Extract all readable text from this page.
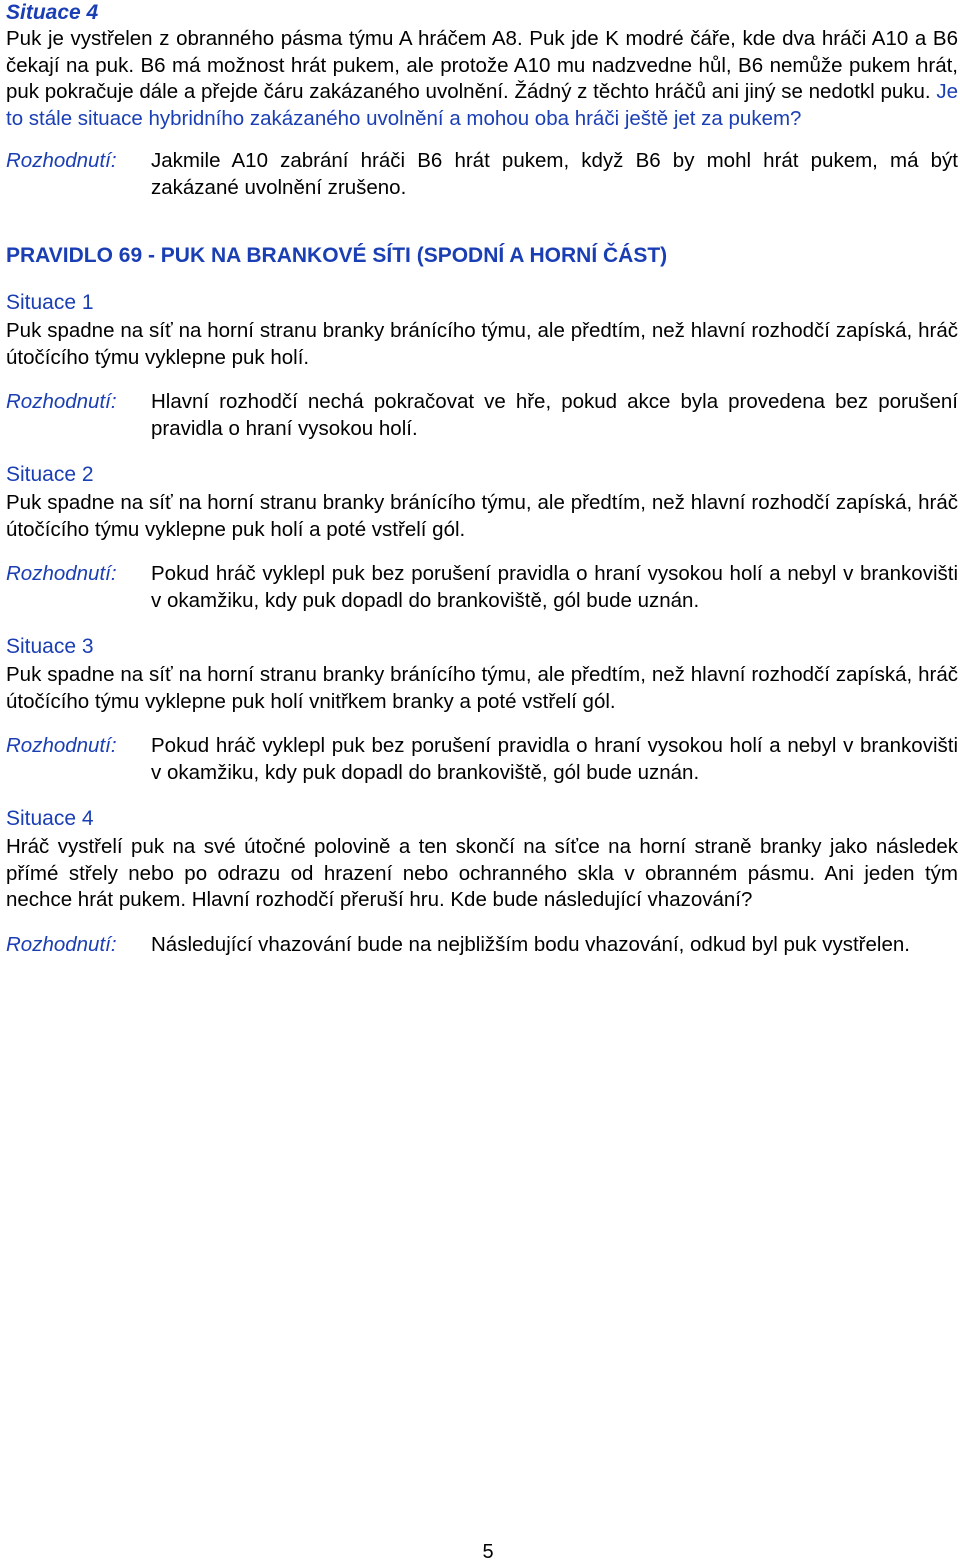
Situace 4

Puk je vystřelen z obranného pásma týmu A hráčem A8. Puk jde K modré čáře, kde dva hráči A10 a B6 čekají na puk. B6 má možnost hrát pukem, ale protože A10 mu nadzvedne hůl, B6 nemůže pukem hrát, puk pokračuje dále a přejde čáru zakázaného uvolnění. Žádný z těchto hráčů ani jiný se nedotkl puku. Je to stále situace hybridního zakázaného uvolnění a mohou oba hráči ještě jet za pukem?

Rozhodnutí:	Jakmile A10 zabrání hráči B6 hrát pukem, když B6 by mohl hrát pukem, má být zakázané uvolnění zrušeno.
PRAVIDLO 69 - PUK NA BRANKOVÉ SÍTI (SPODNÍ A HORNÍ ČÁST)
Situace 1

Puk spadne na síť na horní stranu branky bránícího týmu, ale předtím, než hlavní rozhodčí zapíská, hráč útočícího týmu vyklepne puk holí.

Rozhodnutí:	Hlavní rozhodčí nechá pokračovat ve hře, pokud akce byla provedena bez porušení pravidla o hraní vysokou holí.
Situace 2

Puk spadne na síť na horní stranu branky bránícího týmu, ale předtím, než hlavní rozhodčí zapíská, hráč útočícího týmu vyklepne puk holí a poté vstřelí gól.

Rozhodnutí:	Pokud hráč vyklepl puk bez porušení pravidla o hraní vysokou holí a nebyl v brankovišti v okamžiku, kdy puk dopadl do brankoviště, gól bude uznán.
Situace 3

Puk spadne na síť na horní stranu branky bránícího týmu, ale předtím, než hlavní rozhodčí zapíská, hráč útočícího týmu vyklepne puk holí vnitřkem branky a poté vstřelí gól.

Rozhodnutí:	Pokud hráč vyklepl puk bez porušení pravidla o hraní vysokou holí a nebyl v brankovišti v okamžiku, kdy puk dopadl do brankoviště, gól bude uznán.
Situace 4

Hráč vystřelí puk na své útočné polovině a ten skončí na síťce na horní straně branky jako následek přímé střely nebo po odrazu od hrazení nebo ochranného skla v obranném pásmu. Ani jeden tým nechce hrát pukem. Hlavní rozhodčí přeruší hru. Kde bude následující vhazování?

Rozhodnutí:	Následující vhazování bude na nejbližším bodu vhazování, odkud byl puk vystřelen.
5
